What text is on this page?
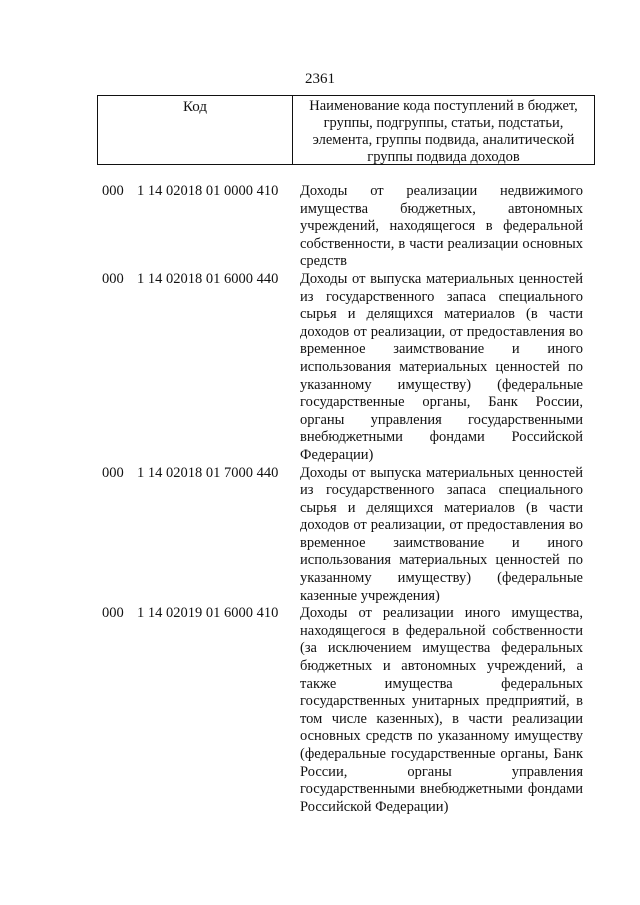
2361
Код	Наименование кода поступлений в бюджет, группы, подгруппы, статьи, подстатьи, элемента, группы подвида, аналитической группы подвида доходов
000 1 14 02018 01 0000 410	Доходы от реализации недвижимого имущества бюджетных, автономных учреждений, находящегося в федеральной собственности, в части реализации основных средств
000 1 14 02018 01 6000 440	Доходы от выпуска материальных ценностей из государственного запаса специального сырья и делящихся материалов (в части доходов от реализации, от предоставления во временное заимствование и иного использования материальных ценностей по указанному имуществу) (федеральные государственные органы, Банк России, органы управления государственными внебюджетными фондами Российской Федерации)
000 1 14 02018 01 7000 440	Доходы от выпуска материальных ценностей из государственного запаса специального сырья и делящихся материалов (в части доходов от реализации, от предоставления во временное заимствование и иного использования материальных ценностей по указанному имуществу) (федеральные казенные учреждения)
000 1 14 02019 01 6000 410	Доходы от реализации иного имущества, находящегося в федеральной собственности (за исключением имущества федеральных бюджетных и автономных учреждений, а также имущества федеральных государственных унитарных предприятий, в том числе казенных), в части реализации основных средств по указанному имуществу (федеральные государственные органы, Банк России, органы управления государственными внебюджетными фондами Российской Федерации)
